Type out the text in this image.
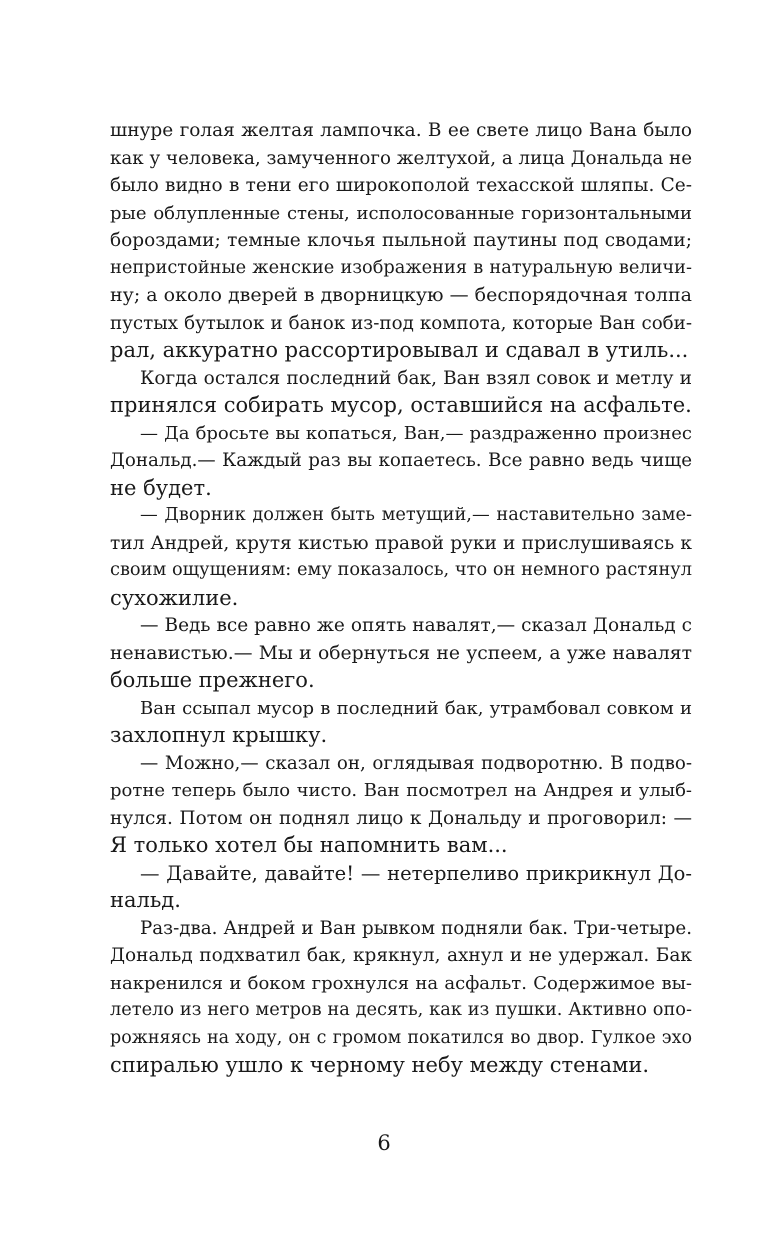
шнуре голая желтая лампочка. В ее свете лицо Вана было
как у человека, замученного желтухой, а лица Дональда не
было видно в тени его широкополой техасской шляпы. Се-
рые облупленные стены, исполосованные горизонтальными
бороздами; темные клочья пыльной паутины под сводами;
непристойные женские изображения в натуральную величи-
ну; а около дверей в дворницкую — беспорядочная толпа
пустых бутылок и банок из-под компота, которые Ван соби-
рал, аккуратно рассортировывал и сдавал в утиль...
Когда остался последний бак, Ван взял совок и метлу и
принялся собирать мусор, оставшийся на асфальте.
— Да бросьте вы копаться, Ван,— раздраженно произнес
Дональд.— Каждый раз вы копаетесь. Все равно ведь чище
не будет.
— Дворник должен быть метущий,— наставительно заме-
тил Андрей, крутя кистью правой руки и прислушиваясь к
своим ощущениям: ему показалось, что он немного растянул
сухожилие.
— Ведь все равно же опять навалят,— сказал Дональд с
ненавистью.— Мы и обернуться не успеем, а уже навалят
больше прежнего.
Ван ссыпал мусор в последний бак, утрамбовал совком и
захлопнул крышку.
— Можно,— сказал он, оглядывая подворотню. В подво-
ротне теперь было чисто. Ван посмотрел на Андрея и улыб-
нулся. Потом он поднял лицо к Дональду и проговорил: —
Я только хотел бы напомнить вам...
— Давайте, давайте! — нетерпеливо прикрикнул До-
нальд.
Раз-два. Андрей и Ван рывком подняли бак. Три-четыре.
Дональд подхватил бак, крякнул, ахнул и не удержал. Бак
накренился и боком грохнулся на асфальт. Содержимое вы-
летело из него метров на десять, как из пушки. Активно опо-
рожняясь на ходу, он с громом покатился во двор. Гулкое эхо
спиралью ушло к черному небу между стенами.
6
